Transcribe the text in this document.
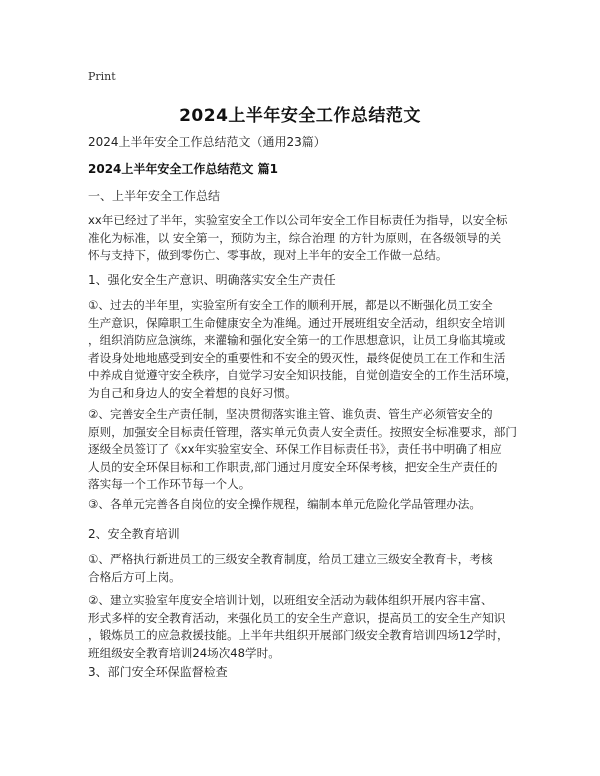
Print
2024上半年安全工作总结范文
2024上半年安全工作总结范文（通用23篇）
2024上半年安全工作总结范文 篇1
一、上半年安全工作总结
xx年已经过了半年，实验室安全工作以公司年安全工作目标责任为指导，以安全标
准化为标准，以 安全第一，预防为主，综合治理 的方针为原则，在各级领导的关
怀与支持下，做到零伤亡、零事故，现对上半年的安全工作做一总结。
1、强化安全生产意识、明确落实安全生产责任
①、过去的半年里，实验室所有安全工作的顺利开展，都是以不断强化员工安全
生产意识，保障职工生命健康安全为准绳。通过开展班组安全活动，组织安全培训
，组织消防应急演练，来灌输和强化安全第一的工作思想意识，让员工身临其境或
者设身处地地感受到安全的重要性和不安全的毁灭性，最终促使员工在工作和生活
中养成自觉遵守安全秩序，自觉学习安全知识技能，自觉创造安全的工作生活环境，
为自己和身边人的安全着想的良好习惯。
②、完善安全生产责任制，坚决贯彻落实谁主管、谁负责、管生产必须管安全的
原则，加强安全目标责任管理，落实单元负责人安全责任。按照安全标准要求，部门
逐级全员签订了《xx年实验室安全、环保工作目标责任书》，责任书中明确了相应
人员的安全环保目标和工作职责,部门通过月度安全环保考核，把安全生产责任的
落实每一个工作环节每一个人。
③、各单元完善各自岗位的安全操作规程，编制本单元危险化学品管理办法。
2、安全教育培训
①、严格执行新进员工的三级安全教育制度，给员工建立三级安全教育卡，考核
合格后方可上岗。
②、建立实验室年度安全培训计划，以班组安全活动为载体组织开展内容丰富、
形式多样的安全教育活动，来强化员工的安全生产意识，提高员工的安全生产知识
，锻炼员工的应急救援技能。上半年共组织开展部门级安全教育培训四场12学时，
班组级安全教育培训24场次48学时。
3、部门安全环保监督检查
